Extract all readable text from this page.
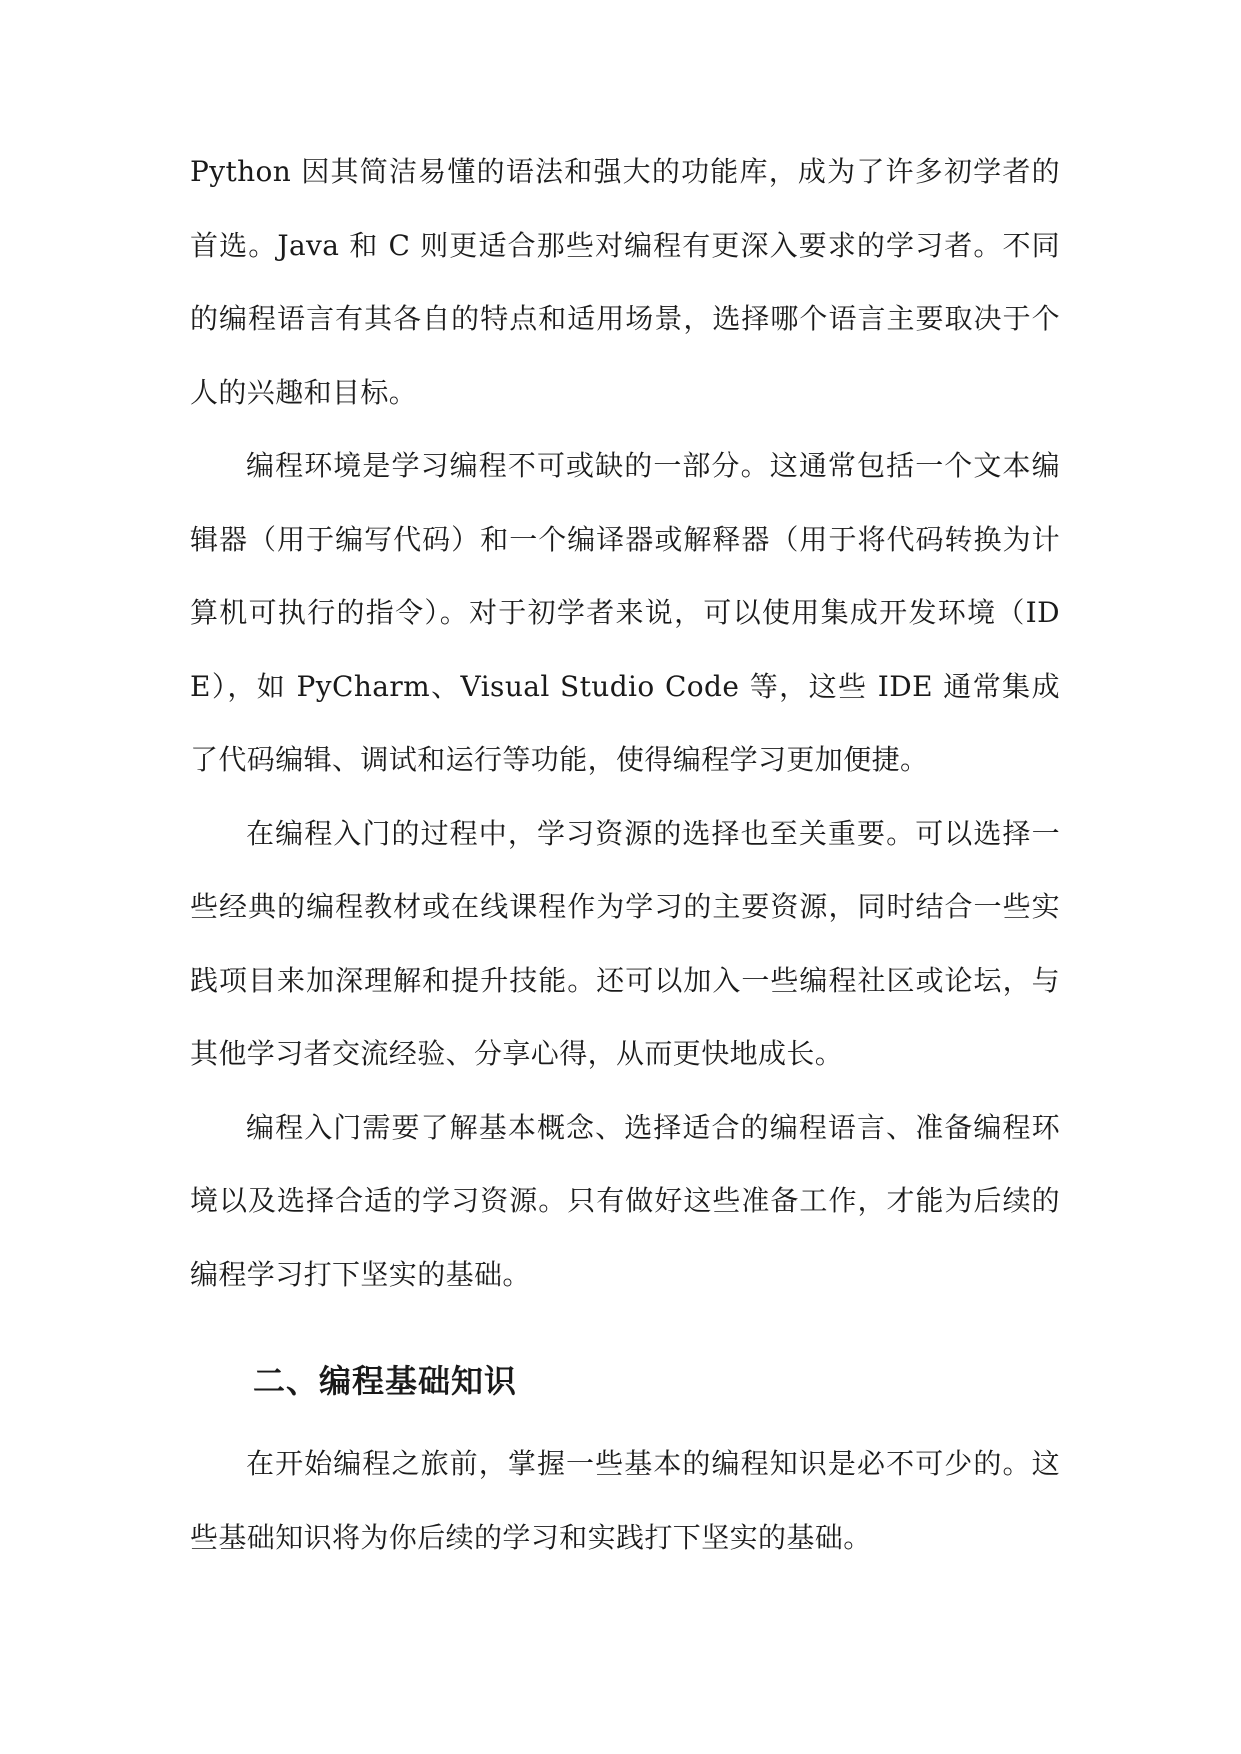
Python 因其简洁易懂的语法和强大的功能库，成为了许多初学者的首选。Java 和 C 则更适合那些对编程有更深入要求的学习者。不同的编程语言有其各自的特点和适用场景，选择哪个语言主要取决于个人的兴趣和目标。

编程环境是学习编程不可或缺的一部分。这通常包括一个文本编辑器（用于编写代码）和一个编译器或解释器（用于将代码转换为计算机可执行的指令）。对于初学者来说，可以使用集成开发环境（IDE），如 PyCharm、Visual Studio Code 等，这些 IDE 通常集成了代码编辑、调试和运行等功能，使得编程学习更加便捷。

在编程入门的过程中，学习资源的选择也至关重要。可以选择一些经典的编程教材或在线课程作为学习的主要资源，同时结合一些实践项目来加深理解和提升技能。还可以加入一些编程社区或论坛，与其他学习者交流经验、分享心得，从而更快地成长。

编程入门需要了解基本概念、选择适合的编程语言、准备编程环境以及选择合适的学习资源。只有做好这些准备工作，才能为后续的编程学习打下坚实的基础。

二、编程基础知识

在开始编程之旅前，掌握一些基本的编程知识是必不可少的。这些基础知识将为你后续的学习和实践打下坚实的基础。
